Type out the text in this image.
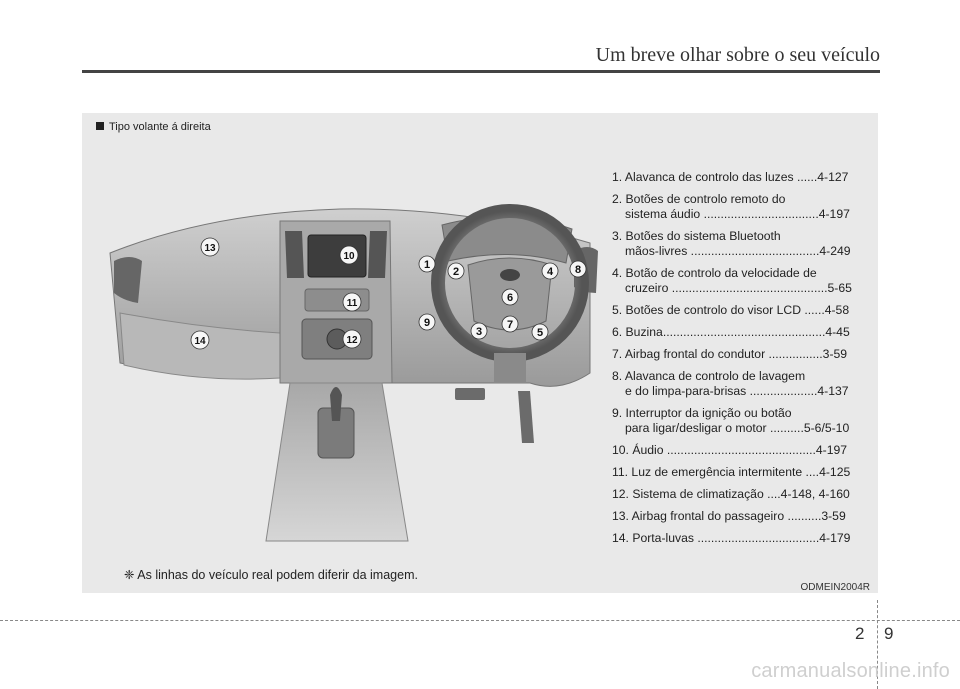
Um breve olhar sobre o seu veículo
Tipo volante á direita
1
2
3
4
5
6
7
8
9
10
11
12
13
14
1. Alavanca de controlo das luzes ......4-127
2. Botões de controlo remoto do
sistema áudio ..................................4-197
3. Botões do sistema Bluetooth
mãos-livres ......................................4-249
4. Botão de controlo da velocidade de
cruzeiro ..............................................5-65
5. Botões de controlo do visor LCD ......4-58
6. Buzina................................................4-45
7. Airbag frontal do condutor ................3-59
8. Alavanca de controlo de lavagem
e do limpa-para-brisas ....................4-137
9. Interruptor da ignição ou botão
para ligar/desligar o motor ..........5-6/5-10
10. Áudio ............................................4-197
11. Luz de emergência intermitente ....4-125
12. Sistema de climatização ....4-148, 4-160
13. Airbag frontal do passageiro ..........3-59
14. Porta-luvas ....................................4-179
❈ As linhas do veículo real podem diferir da imagem.
ODMEIN2004R
2 9
carmanualsonline.info
